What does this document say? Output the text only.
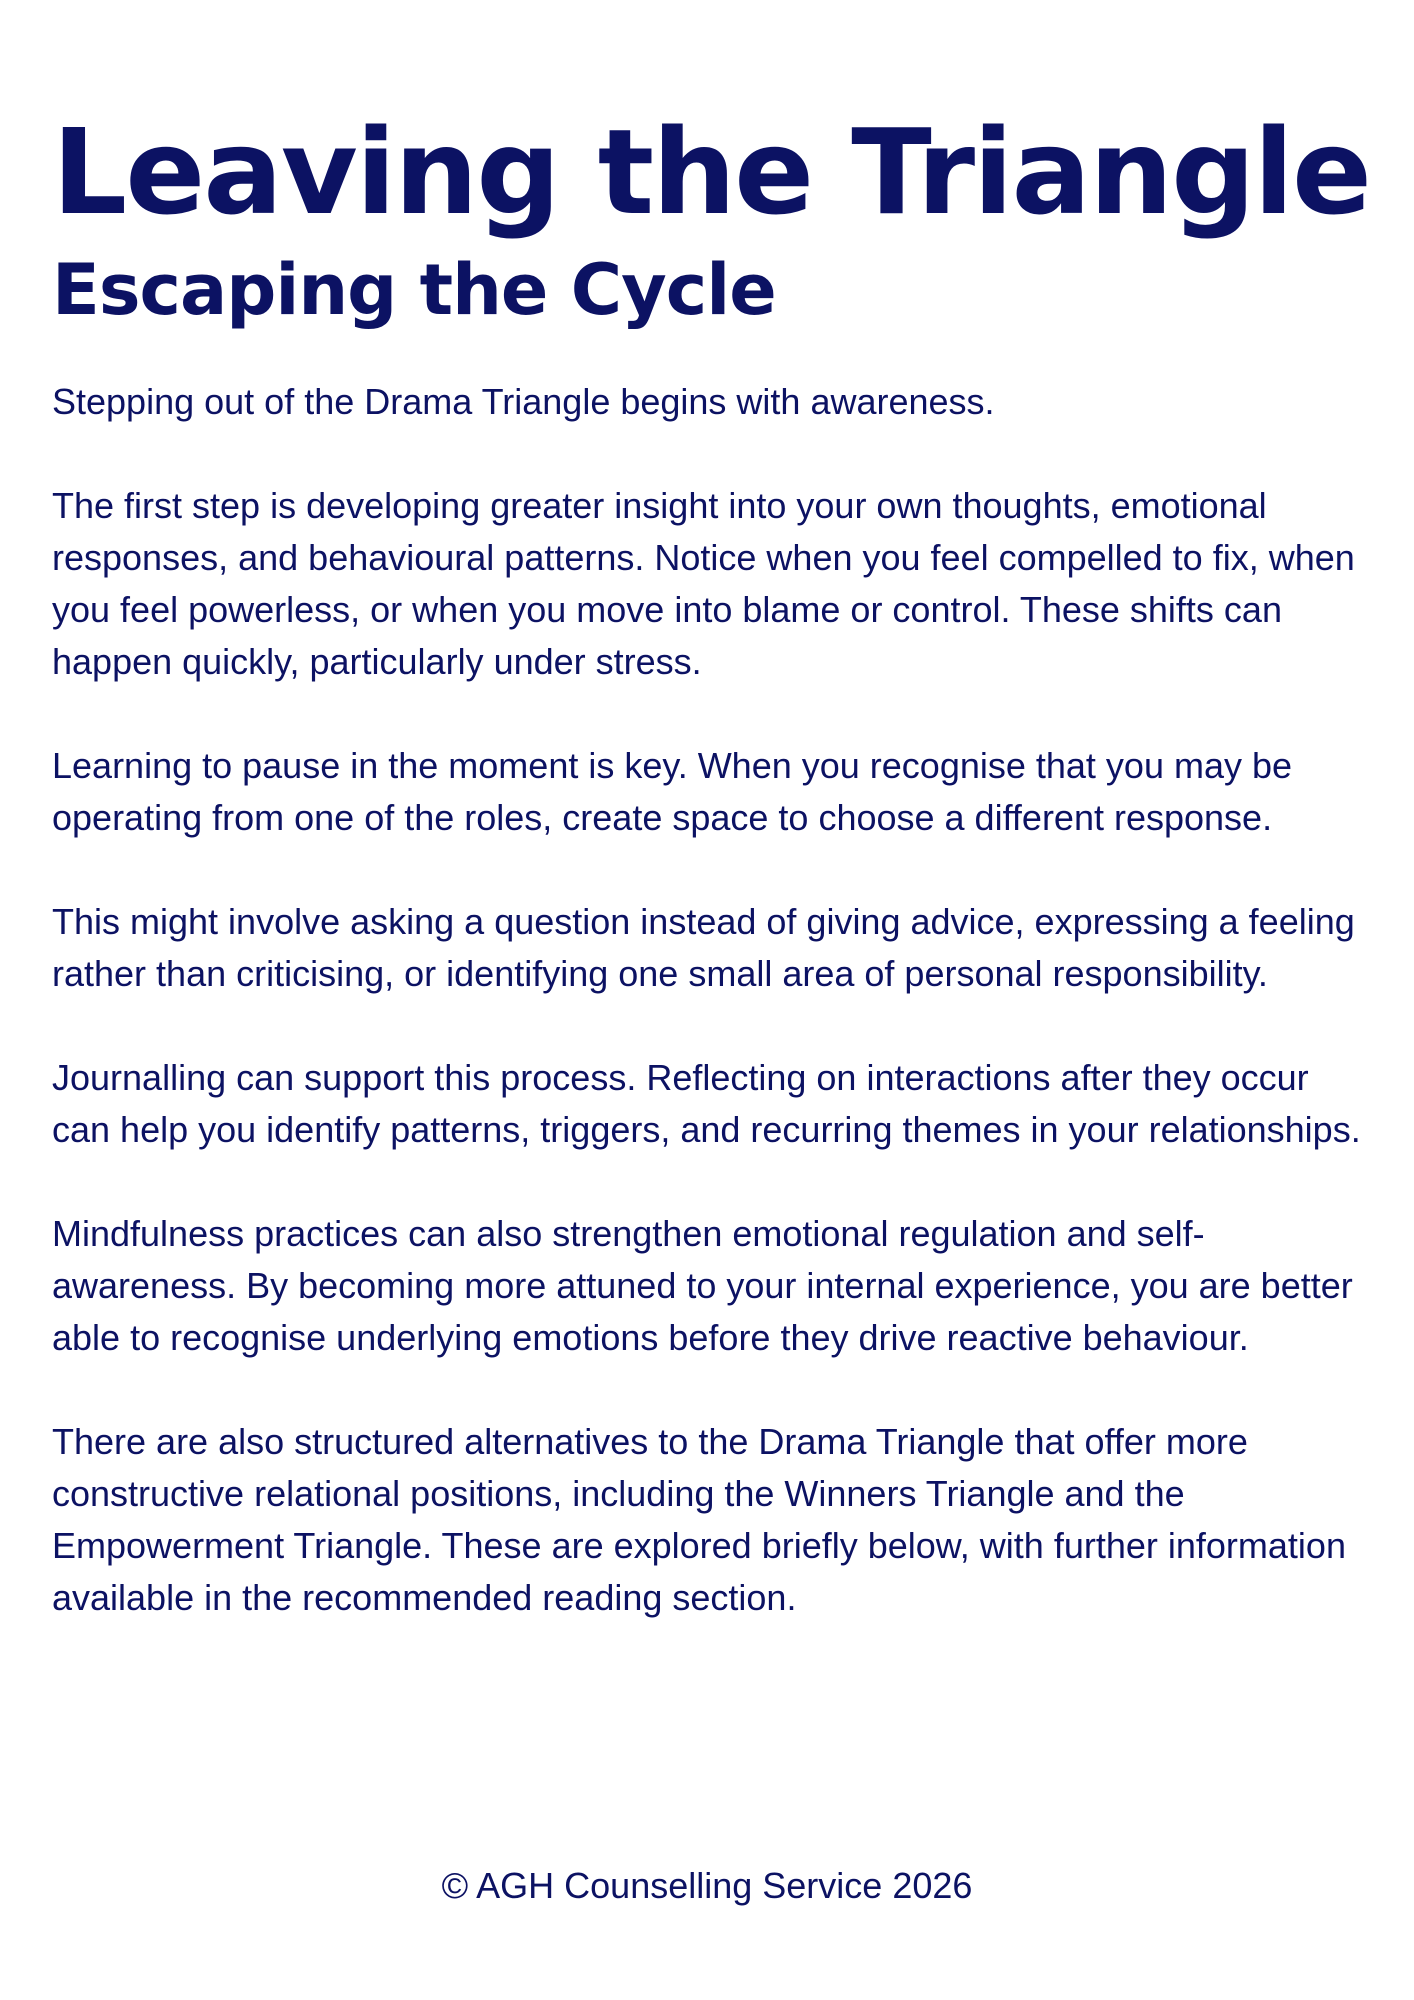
Leaving the Triangle
Escaping the Cycle

Stepping out of the Drama Triangle begins with awareness.

The first step is developing greater insight into your own thoughts, emotional responses, and behavioural patterns. Notice when you feel compelled to fix, when you feel powerless, or when you move into blame or control. These shifts can happen quickly, particularly under stress.

Learning to pause in the moment is key. When you recognise that you may be operating from one of the roles, create space to choose a different response.

This might involve asking a question instead of giving advice, expressing a feeling rather than criticising, or identifying one small area of personal responsibility.

Journalling can support this process. Reflecting on interactions after they occur can help you identify patterns, triggers, and recurring themes in your relationships.

Mindfulness practices can also strengthen emotional regulation and self-awareness. By becoming more attuned to your internal experience, you are better able to recognise underlying emotions before they drive reactive behaviour.

There are also structured alternatives to the Drama Triangle that offer more constructive relational positions, including the Winners Triangle and the Empowerment Triangle. These are explored briefly below, with further information available in the recommended reading section.

© AGH Counselling Service 2026
